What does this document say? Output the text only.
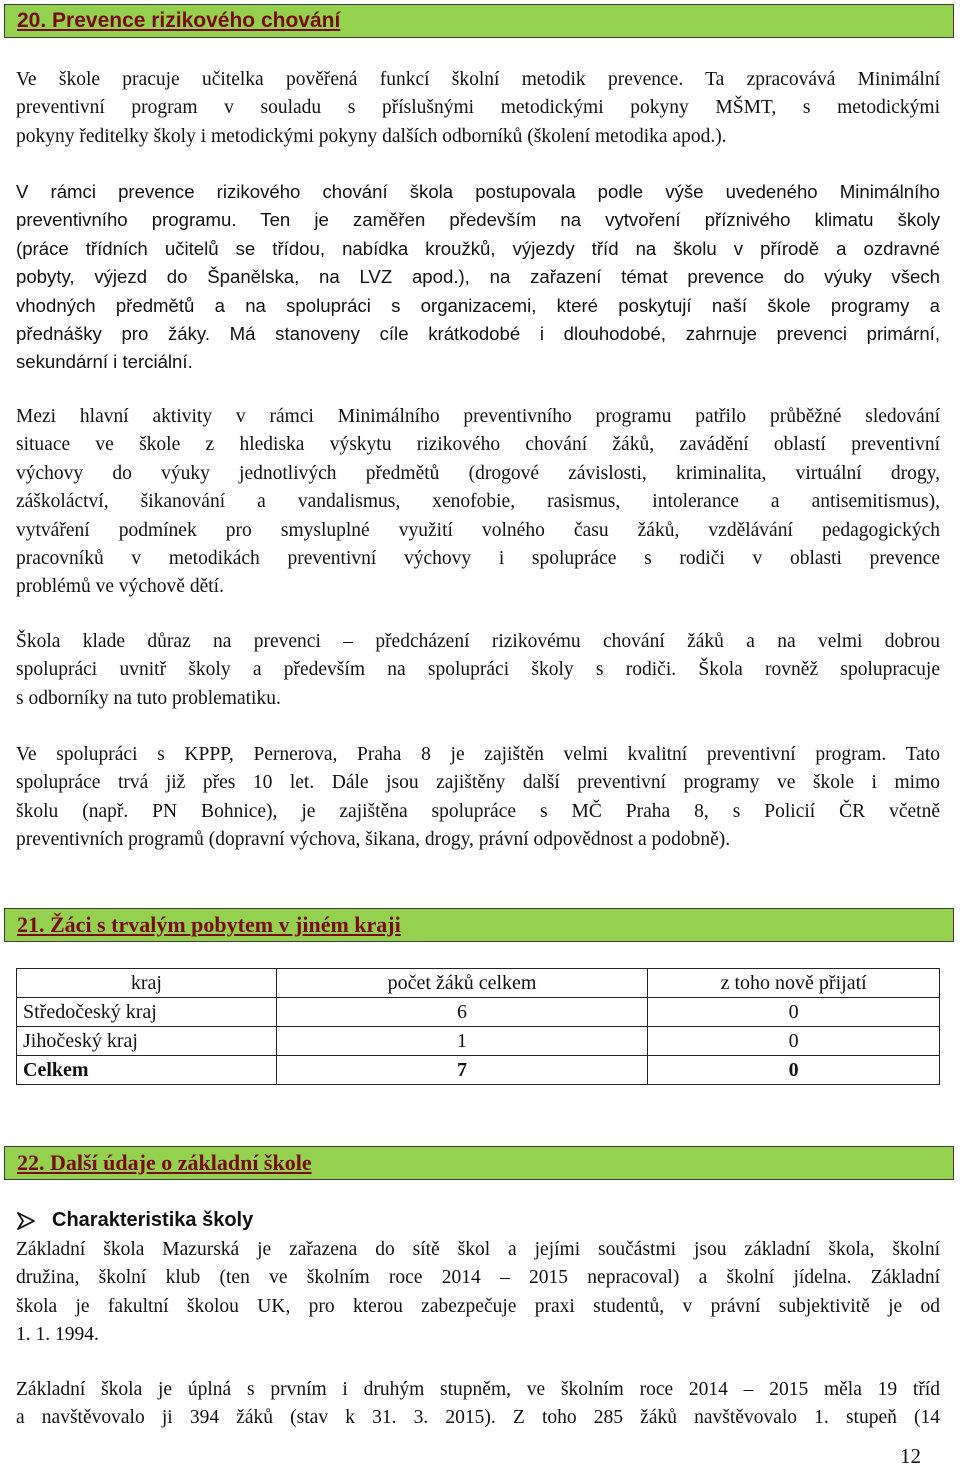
20. Prevence rizikového chování
Ve škole pracuje učitelka pověřená funkcí školní metodik prevence. Ta zpracovává Minimální
preventivní program v souladu s příslušnými metodickými pokyny MŠMT, s metodickými
pokyny ředitelky školy i metodickými pokyny dalších odborníků (školení metodika apod.).
V rámci prevence rizikového chování škola postupovala podle výše uvedeného Minimálního
preventivního programu. Ten je zaměřen především na vytvoření příznivého klimatu školy
(práce třídních učitelů se třídou, nabídka kroužků, výjezdy tříd na školu v přírodě a ozdravné
pobyty, výjezd do Španělska, na LVZ apod.), na zařazení témat prevence do výuky všech
vhodných předmětů a na spolupráci s organizacemi, které poskytují naší škole programy a
přednášky pro žáky. Má stanoveny cíle krátkodobé i dlouhodobé, zahrnuje prevenci primární,
sekundární i terciální.
Mezi hlavní aktivity v rámci Minimálního preventivního programu patřilo průběžné sledování
situace ve škole z hlediska výskytu rizikového chování žáků, zavádění oblastí preventivní
výchovy do výuky jednotlivých předmětů (drogové závislosti, kriminalita, virtuální drogy,
záškoláctví, šikanování a vandalismus, xenofobie, rasismus, intolerance a antisemitismus),
vytváření podmínek pro smysluplné využití volného času žáků, vzdělávání pedagogických
pracovníků v metodikách preventivní výchovy i spolupráce s rodiči v oblasti prevence
problémů ve výchově dětí.
Škola klade důraz na prevenci – předcházení rizikovému chování žáků a na velmi dobrou
spolupráci uvnitř školy a především na spolupráci školy s rodiči. Škola rovněž spolupracuje
s odborníky na tuto problematiku.
Ve spolupráci s KPPP, Pernerova, Praha 8 je zajištěn velmi kvalitní preventivní program. Tato
spolupráce trvá již přes 10 let. Dále jsou zajištěny další preventivní programy ve škole i mimo
školu (např. PN Bohnice), je zajištěna spolupráce s MČ Praha 8, s Policií ČR včetně
preventivních programů (dopravní výchova, šikana, drogy, právní odpovědnost a podobně).
21. Žáci s trvalým pobytem v jiném kraji
kraj	počet žáků celkem	z toho nově přijatí
Středočeský kraj	6	0
Jihočeský kraj	1	0
Celkem	7	0
22. Další údaje o základní škole
Charakteristika školy
Základní škola Mazurská je zařazena do sítě škol a jejími součástmi jsou základní škola, školní
družina, školní klub (ten ve školním roce 2014 – 2015 nepracoval) a školní jídelna. Základní
škola je fakultní školou UK, pro kterou zabezpečuje praxi studentů, v právní subjektivitě je od
1. 1. 1994.
Základní škola je úplná s prvním i druhým stupněm, ve školním roce 2014 – 2015 měla 19 tříd
a navštěvovalo ji 394 žáků (stav k 31. 3. 2015). Z toho 285 žáků navštěvovalo 1. stupeň (14
12
